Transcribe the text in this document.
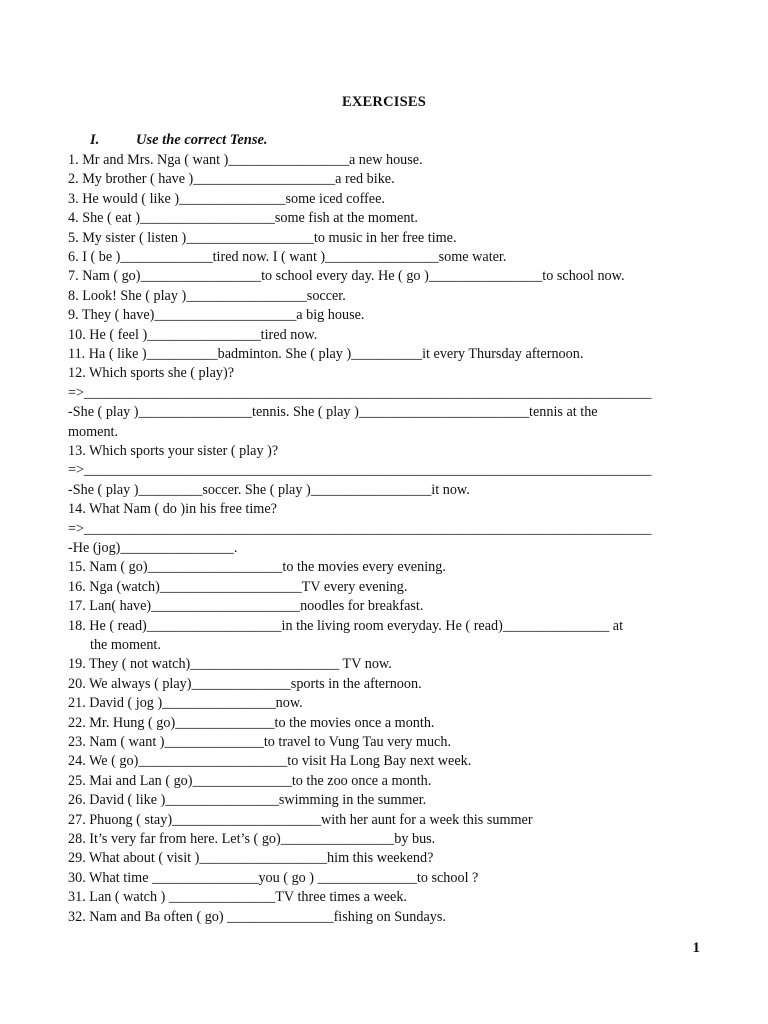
EXERCISES
I.	Use the correct Tense.
1. Mr and Mrs. Nga ( want )_________________a new house.
2. My brother ( have )____________________a red bike.
3. He would ( like )_______________some iced coffee.
4. She ( eat )___________________some fish at the moment.
5. My sister ( listen )__________________to music in her free time.
6. I ( be )_____________tired now. I ( want )________________some water.
7. Nam ( go)_________________to school every day. He ( go )________________to school now.
8. Look! She ( play )_________________soccer.
9. They ( have)____________________a big house.
10. He ( feel )________________tired now.
11. Ha ( like )__________badminton. She ( play )__________it every Thursday afternoon.
12. Which sports she ( play)?
=>________________________________________________________________________________
-She ( play )________________tennis. She ( play )________________________tennis at the
moment.
13. Which sports your sister ( play )?
=>________________________________________________________________________________
-She ( play )_________soccer. She ( play )_________________it now.
14. What Nam ( do )in his free time?
=>________________________________________________________________________________
-He (jog)________________.
15. Nam ( go)___________________to the movies every evening.
16. Nga (watch)____________________TV every evening.
17. Lan( have)_____________________noodles for breakfast.
18. He ( read)___________________in the living room everyday. He ( read)_______________ at
the moment.
19. They ( not watch)_____________________ TV now.
20. We always ( play)______________sports in the afternoon.
21. David ( jog )________________now.
22. Mr. Hung ( go)______________to the movies once a month.
23. Nam ( want )______________to travel to Vung Tau very much.
24. We ( go)_____________________to visit Ha Long Bay next week.
25. Mai and Lan ( go)______________to the zoo once a month.
26. David ( like )________________swimming in the summer.
27. Phuong ( stay)_____________________with her aunt for a week this summer
28. It’s very far from here. Let’s ( go)________________by bus.
29. What about ( visit )__________________him this weekend?
30. What time _______________you ( go ) ______________to school ?
31. Lan ( watch ) _______________TV three times a week.
32. Nam and Ba often ( go) _______________fishing on Sundays.
1
